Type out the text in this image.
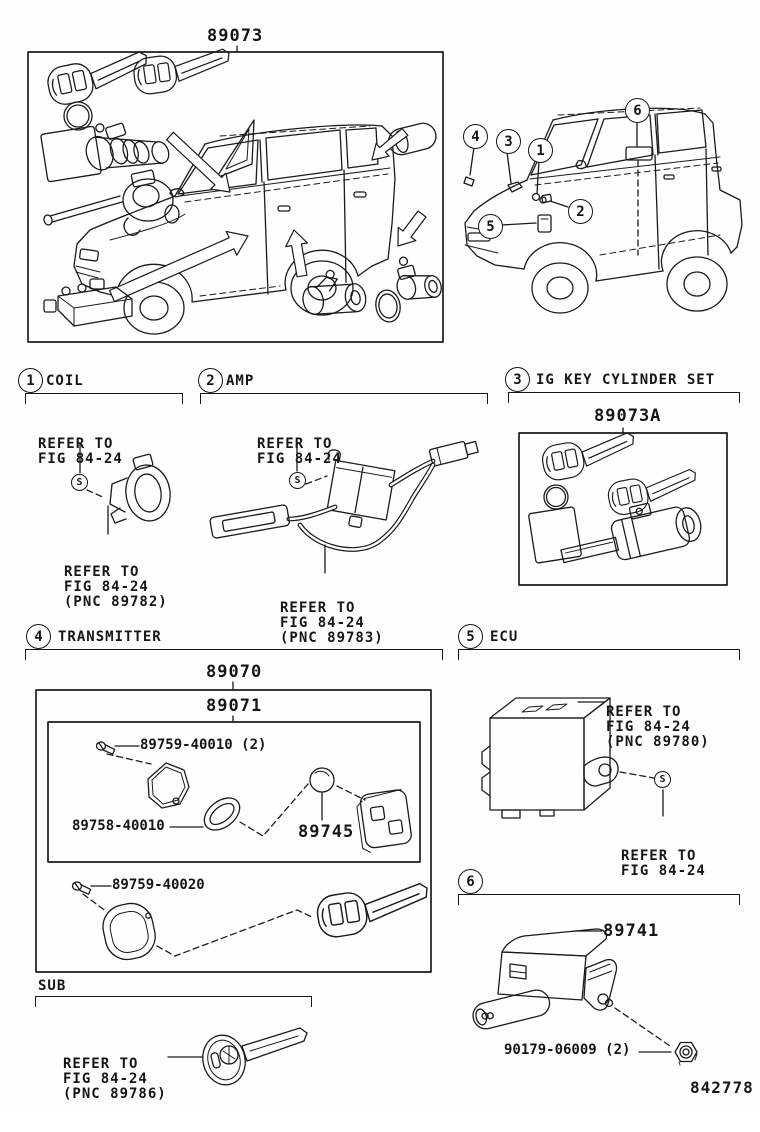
89073
4 3
1
6
2
5
1 COIL

REFER TO
FIG 84-24

S

REFER TO
FIG 84-24
(PNC 89782)

2 AMP

REFER TO
FIG 84-24

S

REFER TO
FIG 84-24
(PNC 89783)

3 IG KEY CYLINDER SET
89073A
4 TRANSMITTER
89070
89071
89759-40010 (2)
89758-40010	89745
89759-40020
SUB

REFER TO
FIG 84-24
(PNC 89786)

5 ECU

REFER TO
FIG 84-24
(PNC 89780)

S

REFER TO
FIG 84-24

6
89741
90179-06009 (2)
842778
